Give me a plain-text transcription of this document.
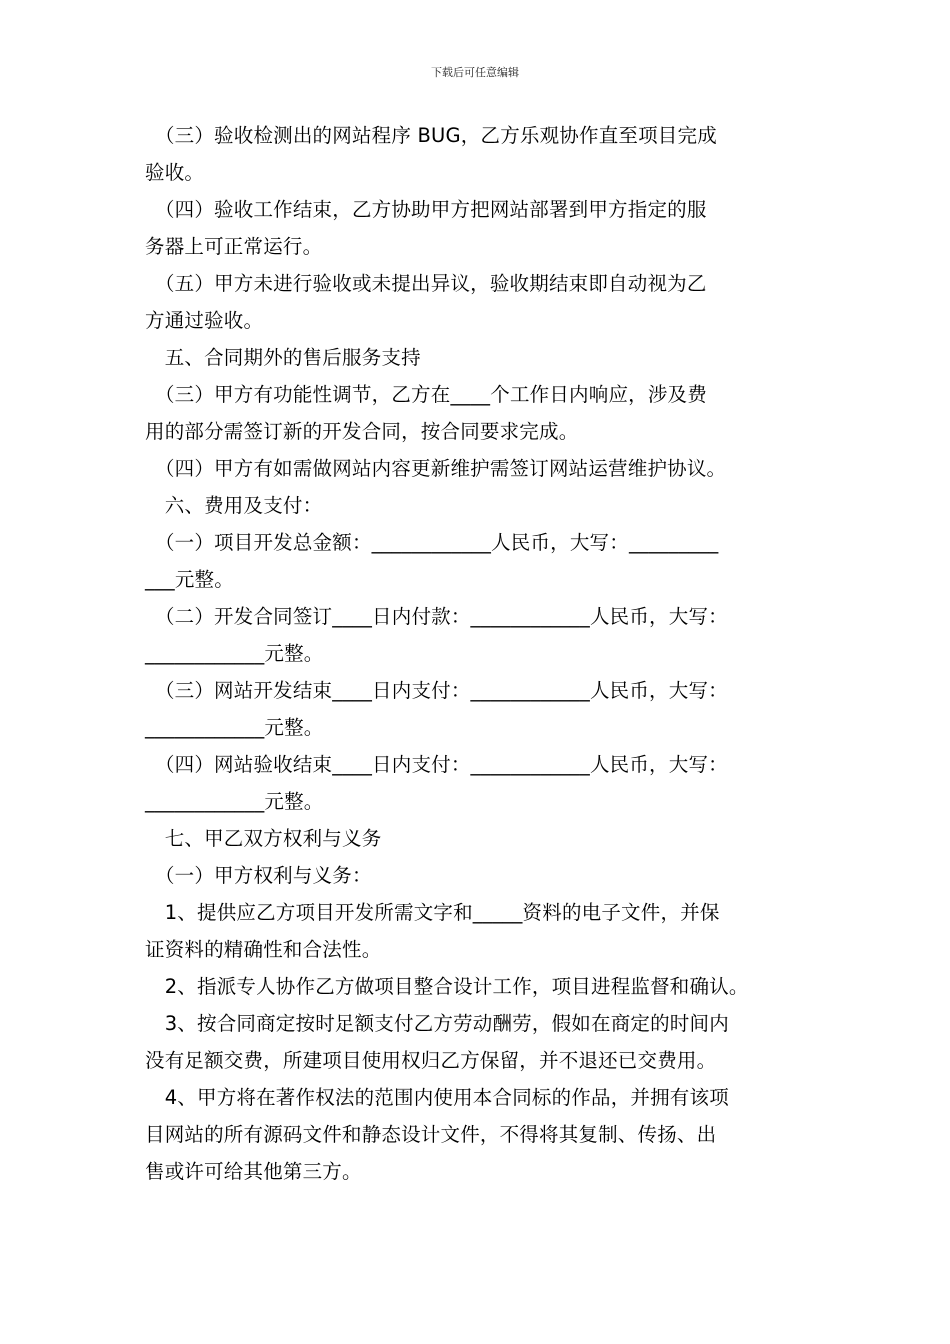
下载后可任意编辑
　（三）验收检测出的网站程序 BUG，乙方乐观协作直至项目完成
验收。
　（四）验收工作结束，乙方协助甲方把网站部署到甲方指定的服
务器上可正常运行。
　（五）甲方未进行验收或未提出异议，验收期结束即自动视为乙
方通过验收。
　五、合同期外的售后服务支持
　（三）甲方有功能性调节，乙方在____个工作日内响应，涉及费
用的部分需签订新的开发合同，按合同要求完成。
　（四）甲方有如需做网站内容更新维护需签订网站运营维护协议。
　六、费用及支付：
　（一）项目开发总金额：____________人民币，大写：_________
___元整。
　（二）开发合同签订____日内付款：____________人民币，大写：
____________元整。
　（三）网站开发结束____日内支付：____________人民币，大写：
____________元整。
　（四）网站验收结束____日内支付：____________人民币，大写：
____________元整。
　七、甲乙双方权利与义务
　（一）甲方权利与义务：
　1、提供应乙方项目开发所需文字和_____资料的电子文件，并保
证资料的精确性和合法性。
　2、指派专人协作乙方做项目整合设计工作，项目进程监督和确认。
　3、按合同商定按时足额支付乙方劳动酬劳，假如在商定的时间内
没有足额交费，所建项目使用权归乙方保留，并不退还已交费用。
　4、甲方将在著作权法的范围内使用本合同标的作品，并拥有该项
目网站的所有源码文件和静态设计文件，不得将其复制、传扬、出
售或许可给其他第三方。
